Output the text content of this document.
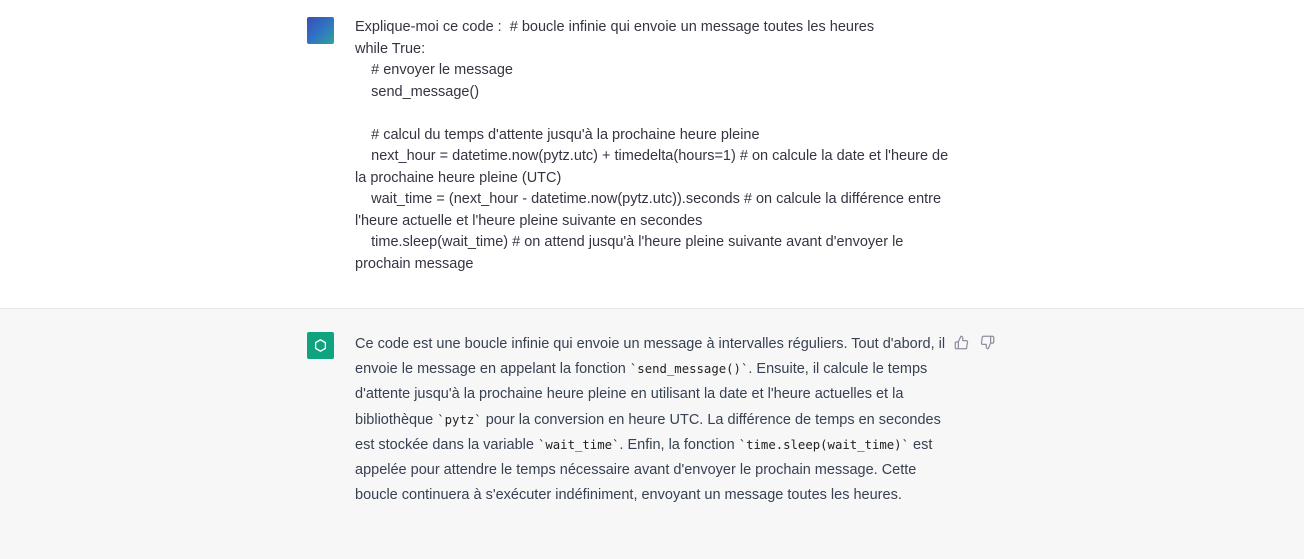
Explique-moi ce code :  # boucle infinie qui envoie un message toutes les heures
while True:
# envoyer le message
send_message()

# calcul du temps d'attente jusqu'à la prochaine heure pleine
next_hour = datetime.now(pytz.utc) + timedelta(hours=1) # on calcule la date et l'heure de la prochaine heure pleine (UTC)
wait_time = (next_hour - datetime.now(pytz.utc)).seconds # on calcule la différence entre l'heure actuelle et l'heure pleine suivante en secondes
time.sleep(wait_time) # on attend jusqu'à l'heure pleine suivante avant d'envoyer le prochain message
Ce code est une boucle infinie qui envoie un message à intervalles réguliers. Tout d'abord, il envoie le message en appelant la fonction `send_message()`. Ensuite, il calcule le temps d'attente jusqu'à la prochaine heure pleine en utilisant la date et l'heure actuelles et la bibliothèque `pytz` pour la conversion en heure UTC. La différence de temps en secondes est stockée dans la variable `wait_time`. Enfin, la fonction `time.sleep(wait_time)` est appelée pour attendre le temps nécessaire avant d'envoyer le prochain message. Cette boucle continuera à s'exécuter indéfiniment, envoyant un message toutes les heures.
